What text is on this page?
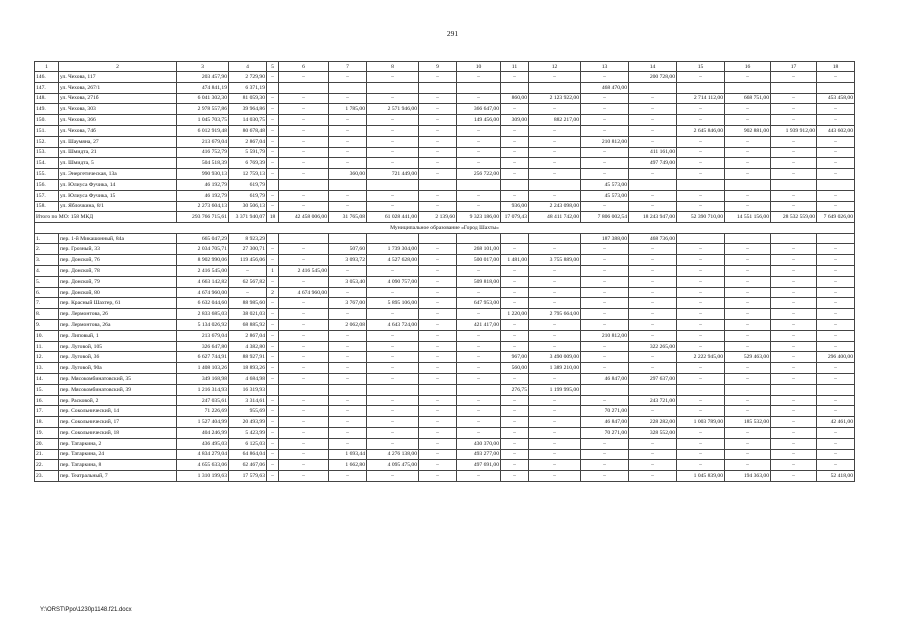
291
1	2	3	4	5	6	7	8	9	10	11	12	13	14	15	16	17	18
146.	ул. Чехова, 117	203 457,90	2 729,90	–	–	–	–	–	–	–	–	–	200 728,00	–	–	–	–
147.	ул. Чехова, 267/1	474 841,19	6 371,19									468 470,00					
148.	ул. Чехова, 271б	6 041 302,30	81 059,30	–	–	–	–	–	–	860,00	2 123 922,00	–	–	2 714 112,00	668 751,00	–	453 458,00
149.	ул. Чехова, 303	2 978 557,86	39 964,86	–	–	1 785,00	2 571 946,00	–	366 647,00	–	–	–	–	–	–	–	–
150.	ул. Чехова, 366	1 045 703,75	14 030,75	–	–	–	–	–	149 456,00	309,00	882 217,00	–	–	–	–	–	–
151.	ул. Чехова, 74б	6 012 919,48	80 678,48	–	–	–	–	–	–	–	–	–	–	2 645 846,00	902 881,00	1 939 912,00	443 602,00
152.	ул. Шаумяна, 27	213 679,04	2 867,04	–	–	–	–	–	–	–	–	210 812,00	–	–	–	–	–
153.	ул. Шмидта, 21	416 752,79	5 591,79	–	–	–	–	–	–	–	–	–	411 161,00	–	–	–	–
154.	ул. Шмидта, 5	504 518,39	6 769,39	–	–	–	–	–	–	–	–	–	497 749,00	–	–	–	–
155.	ул. Энергетическая, 13а	990 930,13	12 759,13	–	–	360,00	721 449,00	–	256 722,00	–	–	–	–	–	–	–	–
156.	ул. Юлиуса Фучика, 14	46 192,79	619,79									45 573,00					
157.	ул. Юлиуса Фучика, 15	46 192,79	619,79	–	–	–	–	–	–	–	–	45 573,00	–	–	–	–	–
158.	ул. Яблочкина, 8/1	2 273 604,13	30 506,13	–	–	–	–	–	–	936,00	2 243 098,00	–	–	–	–	–	–
Итого по МО: 158 МКД		293 766 715,61	3 371 940,07	18	42 458 006,00	31 765,08	61 028 441,00	2 139,60	9 323 186,00	17 079,43	48 411 742,00	7 806 002,54	18 243 947,00	52 390 710,00	14 551 156,00	28 532 559,00	7 649 026,00
Муниципальное образование «Город Шахты»																	
1.	пер. 1-й Микашонный, 84а	665 047,29	8 923,29									187 388,00	468 736,00				
2.	пер. Грозный, 33	2 034 705,71	27 300,71	–	–	507,60	1 739 304,00	–	268 101,00	–	–	–	–	–	–	–	–
3.	пер. Донской, 76	8 902 990,06	119 456,06	–	–	3 093,72	4 527 628,00	–	500 017,00	1 481,00	3 755 889,00	–	–	–	–	–	–
4.	пер. Донской, 78	2 416 545,00	–	1	2 416 545,00	–	–	–	–	–	–	–	–	–	–	–	–
5.	пер. Донской, 79	4 663 142,82	62 567,82	–	–	3 053,40	4 090 757,00	–	509 818,00	–	–	–	–	–	–	–	–
6.	пер. Донской, 80	4 674 960,00	–	2	4 674 960,00	–	–	–	–	–	–	–	–	–	–	–	–
7.	пер. Красный Шахтер, 61	6 632 044,60	88 985,60	–	–	3 767,00	5 895 106,00	–	647 953,00	–	–	–	–	–	–	–	–
8.	пер. Лермонтова, 26	2 833 685,03	38 021,03	–	–	–	–	–	–	1 220,00	2 795 664,00	–	–	–	–	–	–
9.	пер. Лермонтова, 26а	5 134 026,92	68 885,92	–	–	2 062,08	4 643 724,00	–	421 417,00	–	–	–	–	–	–	–	–
10.	пер. Липовый, 1	213 679,04	2 867,04	–	–	–	–	–	–	–	–	210 812,00	–	–	–	–	–
11.	пер. Луговой, 105	326 647,80	4 382,80	–	–	–	–	–	–	–	–	–	322 265,00	–	–	–	–
12.	пер. Луговой, 36	6 627 744,91	88 927,91	–	–	–	–	–	–	967,00	3 490 009,00	–	–	2 222 945,00	529 463,00	–	296 400,00
13.	пер. Луговой, 90а	1 408 103,26	18 893,26	–	–	–	–	–	–	560,00	1 389 210,00	–	–	–	–	–	–
14.	пер. Мясокомбинатовский, 35	349 168,98	4 684,98	–	–	–	–	–	–	–	–	46 847,00	297 637,00	–	–	–	–
15.	пер. Мясокомбинатовский, 39	1 216 314,93	16 319,93							276,75	1 199 995,00						
16.	пер. Расковой, 2	247 035,61	3 314,61	–	–	–	–	–	–	–	–	–	243 721,00	–	–	–	–
17.	пер. Сокольнический, 14	71 226,69	955,69	–	–	–	–	–	–	–	–	70 271,00	–	–	–	–	–
18.	пер. Сокольнический, 17	1 527 404,99	20 493,99	–	–	–	–	–	–	–	–	46 847,00	228 282,00	1 003 789,00	185 532,00	–	42 461,00
19.	пер. Сокольнический, 18	404 246,99	5 423,99	–	–	–	–	–	–	–	–	70 271,00	328 552,00	–	–	–	–
20.	пер. Татаркина, 2	436 495,03	6 125,03	–	–	–	–	–	430 370,00	–	–	–	–	–	–	–	–
21.	пер. Татаркина, 24	4 834 279,04	64 864,04	–	–	1 693,44	4 276 138,00	–	493 277,00	–	–	–	–	–	–	–	–
22.	пер. Татаркина, 8	4 655 633,06	62 467,06	–	–	1 662,80	4 095 475,00	–	497 691,00	–	–	–	–	–	–	–	–
23.	пер. Театральный, 7	1 310 199,63	17 579,63	–	–	–	–	–	–	–	–	–	–	1 045 839,00	194 363,00	–	52 418,00
Y:\ORST\Ppo\1230p1148.f21.docx
